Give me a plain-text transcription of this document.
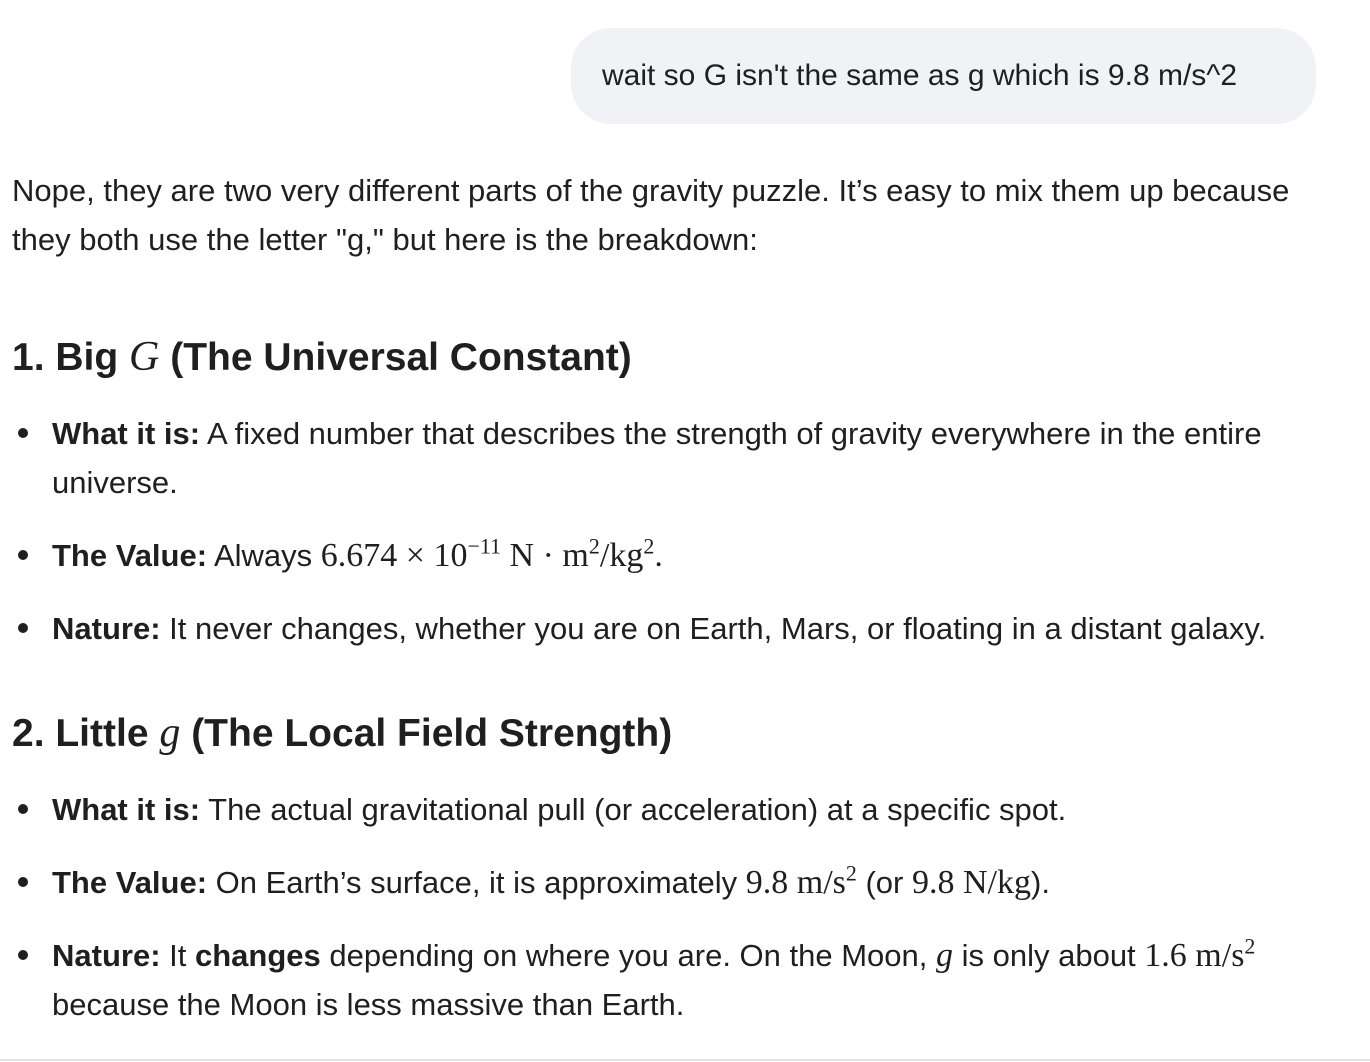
wait so G isn't the same as g which is 9.8 m/s^2

Nope, they are two very different parts of the gravity puzzle. It’s easy to mix them up because they both use the letter "g," but here is the breakdown:

1. Big G (The Universal Constant)
What it is: A fixed number that describes the strength of gravity everywhere in the entire universe.
The Value: Always $6.674 \times 10^{-11}$ $N \cdot m^2/kg^2$.
Nature: It never changes, whether you are on Earth, Mars, or floating in a distant galaxy.
2. Little g (The Local Field Strength)
What it is: The actual gravitational pull (or acceleration) at a specific spot.
The Value: On Earth’s surface, it is approximately 9.8 $m/s^2$ (or 9.8 N/kg).
Nature: It changes depending on where you are. On the Moon, g is only about 1.6 $m/s^2$ because the Moon is less massive than Earth.
